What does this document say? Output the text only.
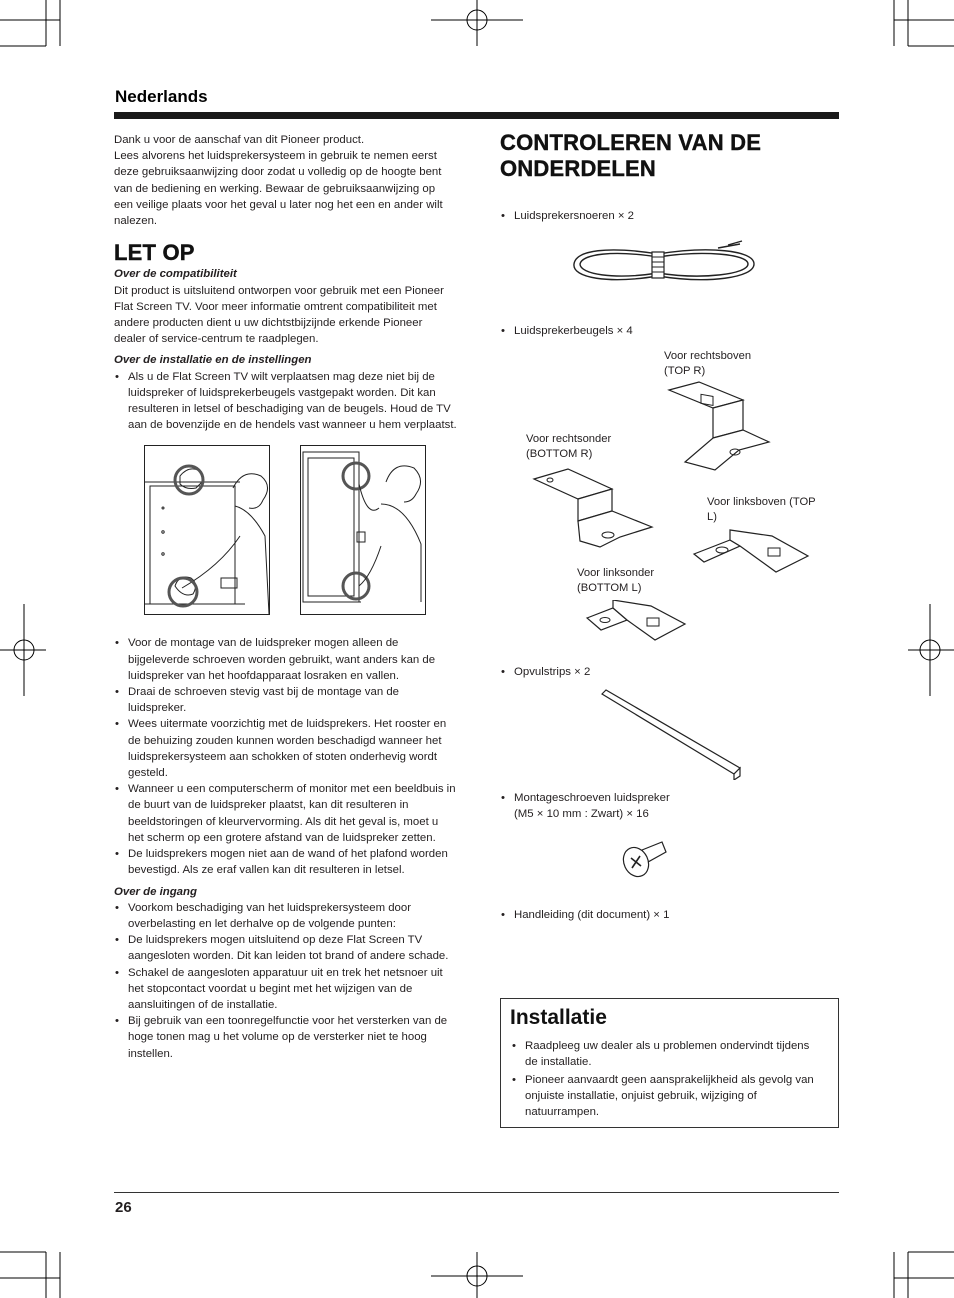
Nederlands

Dank u voor de aanschaf van dit Pioneer product.

Lees alvorens het luidsprekersysteem in gebruik te nemen eerst deze gebruiksaanwijzing door zodat u volledig op de hoogte bent van de bediening en werking. Bewaar de gebruiksaanwijzing op een veilige plaats voor het geval u later nog het een en ander wilt nalezen.

LET OP
Over de compatibiliteit

Dit product is uitsluitend ontworpen voor gebruik met een Pioneer Flat Screen TV. Voor meer informatie omtrent compatibiliteit met andere producten dient u uw dichtstbijzijnde erkende Pioneer dealer of service-centrum te raadplegen.

Over de installatie en de instellingen
• Als u de Flat Screen TV wilt verplaatsen mag deze niet bij de luidspreker of luidsprekerbeugels vastgepakt worden. Dit kan resulteren in letsel of beschadiging van de beugels. Houd de TV aan de bovenzijde en de hendels vast wanneer u hem verplaatst.
• Voor de montage van de luidspreker mogen alleen de bijgeleverde schroeven worden gebruikt, want anders kan de luidspreker van het hoofdapparaat losraken en vallen.
• Draai de schroeven stevig vast bij de montage van de luidspreker.
• Wees uitermate voorzichtig met de luidsprekers. Het rooster en de behuizing zouden kunnen worden beschadigd wanneer het luidsprekersysteem aan schokken of stoten onderhevig wordt gesteld.
• Wanneer u een computerscherm of monitor met een beeldbuis in de buurt van de luidspreker plaatst, kan dit resulteren in beeldstoringen of kleurvervorming. Als dit het geval is, moet u het scherm op een grotere afstand van de luidspreker zetten.
• De luidsprekers mogen niet aan de wand of het plafond worden bevestigd. Als ze eraf vallen kan dit resulteren in letsel.
Over de ingang
• Voorkom beschadiging van het luidsprekersysteem door overbelasting en let derhalve op de volgende punten:
• De luidsprekers mogen uitsluitend op deze Flat Screen TV aangesloten worden. Dit kan leiden tot brand of andere schade.
• Schakel de aangesloten apparatuur uit en trek het netsnoer uit het stopcontact voordat u begint met het wijzigen van de aansluitingen of de installatie.
• Bij gebruik van een toonregelfunctie voor het versterken van de hoge tonen mag u het volume op de versterker niet te hoog instellen.
CONTROLEREN VAN DE ONDERDELEN
• Luidsprekersnoeren × 2
• Luidsprekerbeugels × 4
Voor rechtsboven (TOP R)
Voor rechtsonder (BOTTOM R)
Voor linksboven (TOP L)
Voor linksonder (BOTTOM L)
• Opvulstrips × 2
• Montageschroeven luidspreker
(M5 × 10 mm : Zwart) × 16
• Handleiding (dit document) × 1
Installatie
• Raadpleeg uw dealer als u problemen ondervindt tijdens de installatie.
• Pioneer aanvaardt geen aansprakelijkheid als gevolg van onjuiste installatie, onjuist gebruik, wijziging of natuurrampen.
26
